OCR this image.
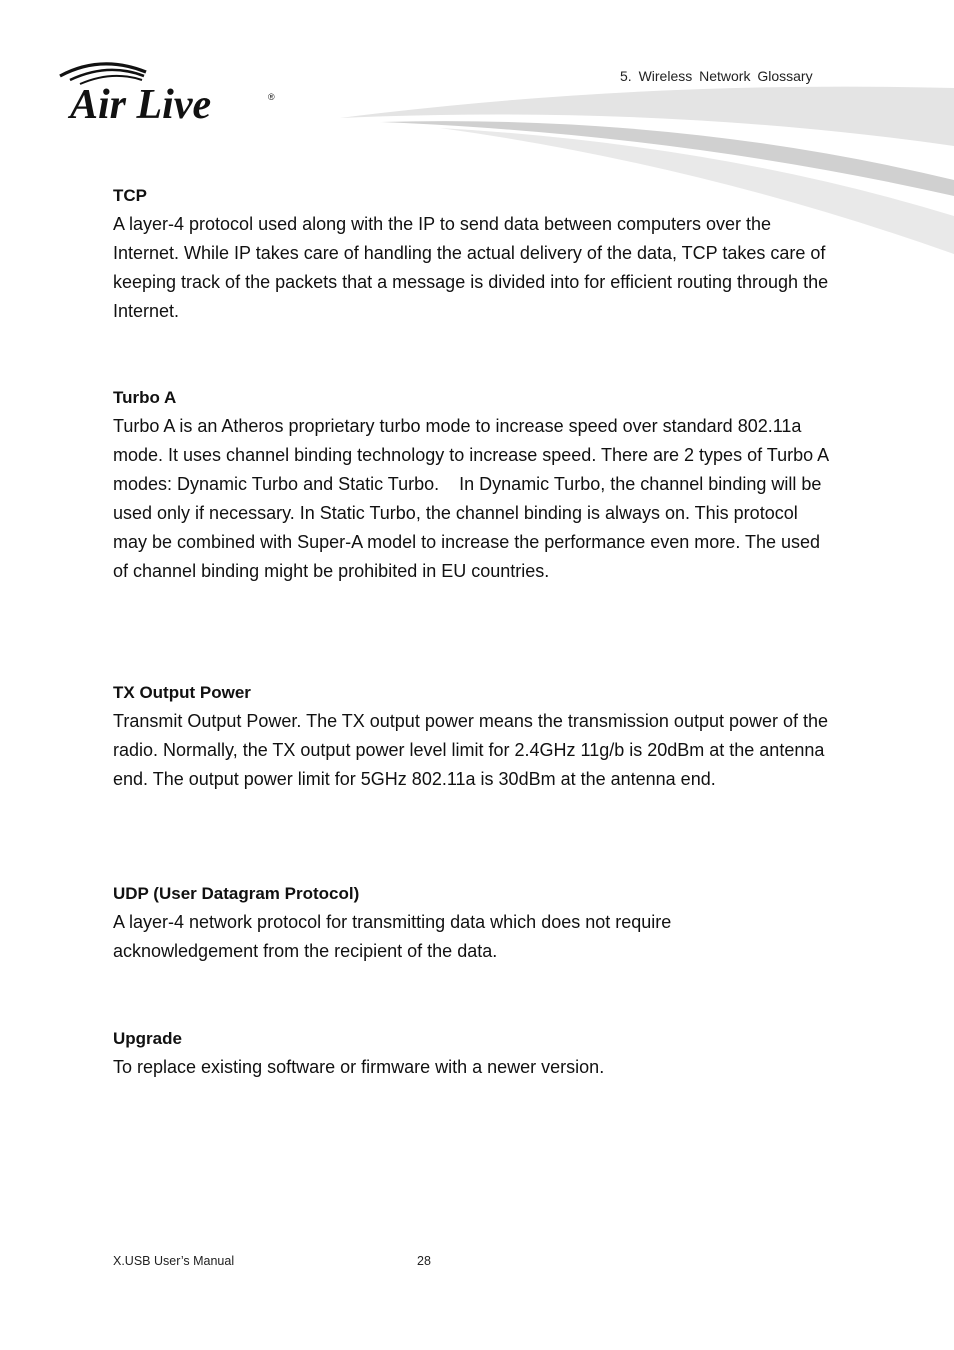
Air Live	®
5. Wireless Network Glossary

TCP

A layer-4 protocol used along with the IP to send data between computers over the Internet. While IP takes care of handling the actual delivery of the data, TCP takes care of keeping track of the packets that a message is divided into for efficient routing through the Internet.

Turbo A

Turbo A is an Atheros proprietary turbo mode to increase speed over standard 802.11a mode. It uses channel binding technology to increase speed. There are 2 types of Turbo A modes: Dynamic Turbo and Static Turbo.    In Dynamic Turbo, the channel binding will be used only if necessary. In Static Turbo, the channel binding is always on. This protocol may be combined with Super-A model to increase the performance even more. The used of channel binding might be prohibited in EU countries.

TX Output Power

Transmit Output Power. The TX output power means the transmission output power of the radio. Normally, the TX output power level limit for 2.4GHz 11g/b is 20dBm at the antenna end. The output power limit for 5GHz 802.11a is 30dBm at the antenna end.

UDP (User Datagram Protocol)

A layer-4 network protocol for transmitting data which does not require acknowledgement from the recipient of the data.

Upgrade

To replace existing software or firmware with a newer version.

X.USB User’s Manual	28
